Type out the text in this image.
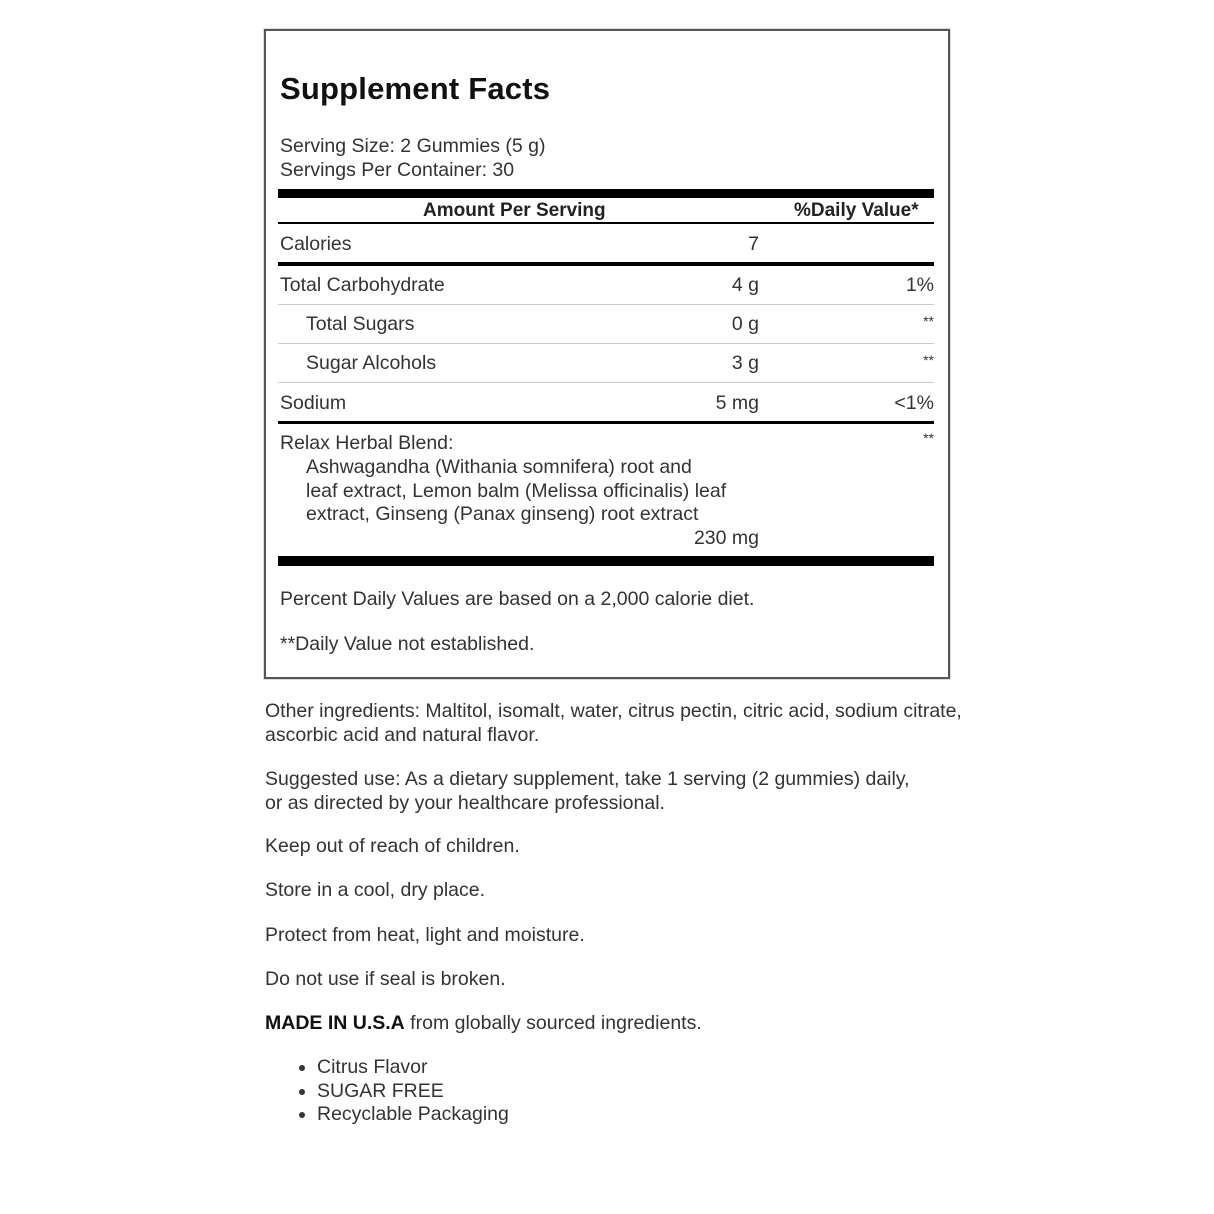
Supplement Facts
Serving Size: 2 Gummies (5 g)
Servings Per Container: 30
Amount Per Serving	%Daily Value*
Calories	7
Total Carbohydrate	4 g	1%
Total Sugars	0 g	**
Sugar Alcohols	3 g	**
Sodium	5 mg	<1%
Relax Herbal Blend:	**
Ashwagandha (Withania somnifera) root and
leaf extract, Lemon balm (Melissa officinalis) leaf
extract, Ginseng (Panax ginseng) root extract
230 mg
Percent Daily Values are based on a 2,000 calorie diet.
**Daily Value not established.
Other ingredients: Maltitol, isomalt, water, citrus pectin, citric acid, sodium citrate, ascorbic acid and natural flavor.
Suggested use: As a dietary supplement, take 1 serving (2 gummies) daily, or as directed by your healthcare professional.
Keep out of reach of children.
Store in a cool, dry place.
Protect from heat, light and moisture.
Do not use if seal is broken.
MADE IN U.S.A from globally sourced ingredients.
• Citrus Flavor
• SUGAR FREE
• Recyclable Packaging
